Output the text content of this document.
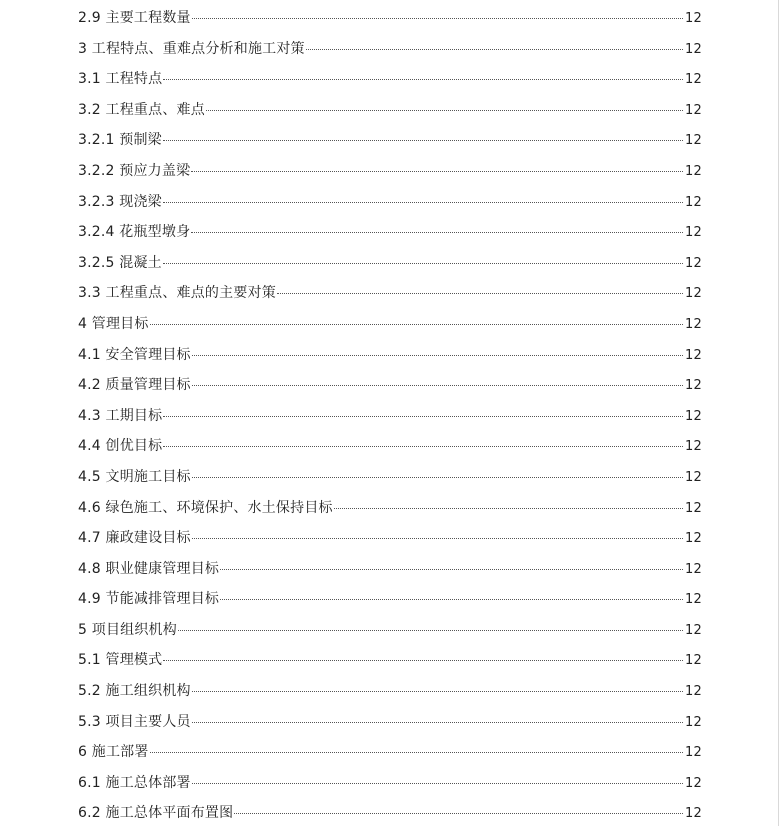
2.9 主要工程数量	12
3 工程特点、重难点分析和施工对策	12
3.1 工程特点	12
3.2 工程重点、难点	12
3.2.1 预制梁	12
3.2.2 预应力盖梁	12
3.2.3 现浇梁	12
3.2.4 花瓶型墩身	12
3.2.5 混凝土	12
3.3 工程重点、难点的主要对策	12
4 管理目标	12
4.1 安全管理目标	12
4.2 质量管理目标	12
4.3 工期目标	12
4.4 创优目标	12
4.5 文明施工目标	12
4.6 绿色施工、环境保护、水土保持目标	12
4.7 廉政建设目标	12
4.8 职业健康管理目标	12
4.9 节能减排管理目标	12
5 项目组织机构	12
5.1 管理模式	12
5.2 施工组织机构	12
5.3 项目主要人员	12
6 施工部署	12
6.1 施工总体部署	12
6.2 施工总体平面布置图	12
